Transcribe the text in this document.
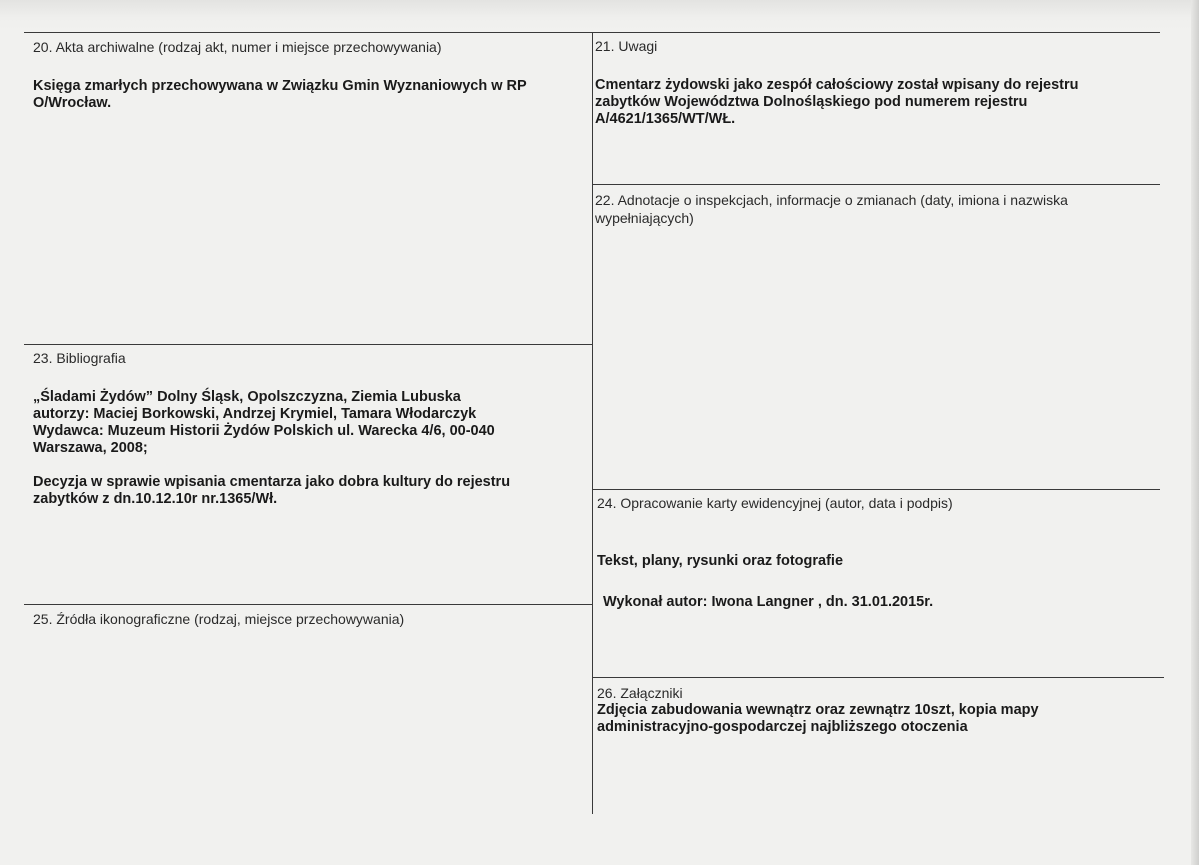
20. Akta archiwalne (rodzaj akt, numer i miejsce przechowywania)
Księga zmarłych przechowywana w Związku Gmin Wyznaniowych w RP O/Wrocław.
21. Uwagi
Cmentarz żydowski jako zespół całościowy został wpisany do rejestru zabytków Województwa Dolnośląskiego pod numerem rejestru A/4621/1365/WT/WŁ.
22. Adnotacje o inspekcjach, informacje o zmianach (daty, imiona i nazwiska wypełniających)
23. Bibliografia

„Śladami Żydów” Dolny Śląsk, Opolszczyzna, Ziemia Lubuska

autorzy: Maciej Borkowski, Andrzej Krymiel, Tamara Włodarczyk

Wydawca: Muzeum Historii Żydów Polskich ul. Warecka 4/6, 00-040

Warszawa, 2008;

Decyzja w sprawie wpisania cmentarza jako dobra kultury do rejestru zabytków z dn.10.12.10r nr.1365/Wł.	24. Opracowanie karty ewidencyjnej (autor, data i podpis)
Tekst, plany, rysunki oraz fotografie
Wykonał autor: Iwona Langner , dn. 31.01.2015r.
25. Źródła ikonograficzne (rodzaj, miejsce przechowywania)
26. Załączniki
Zdjęcia zabudowania wewnątrz oraz zewnątrz 10szt, kopia mapy administracyjno-gospodarczej najbliższego otoczenia
